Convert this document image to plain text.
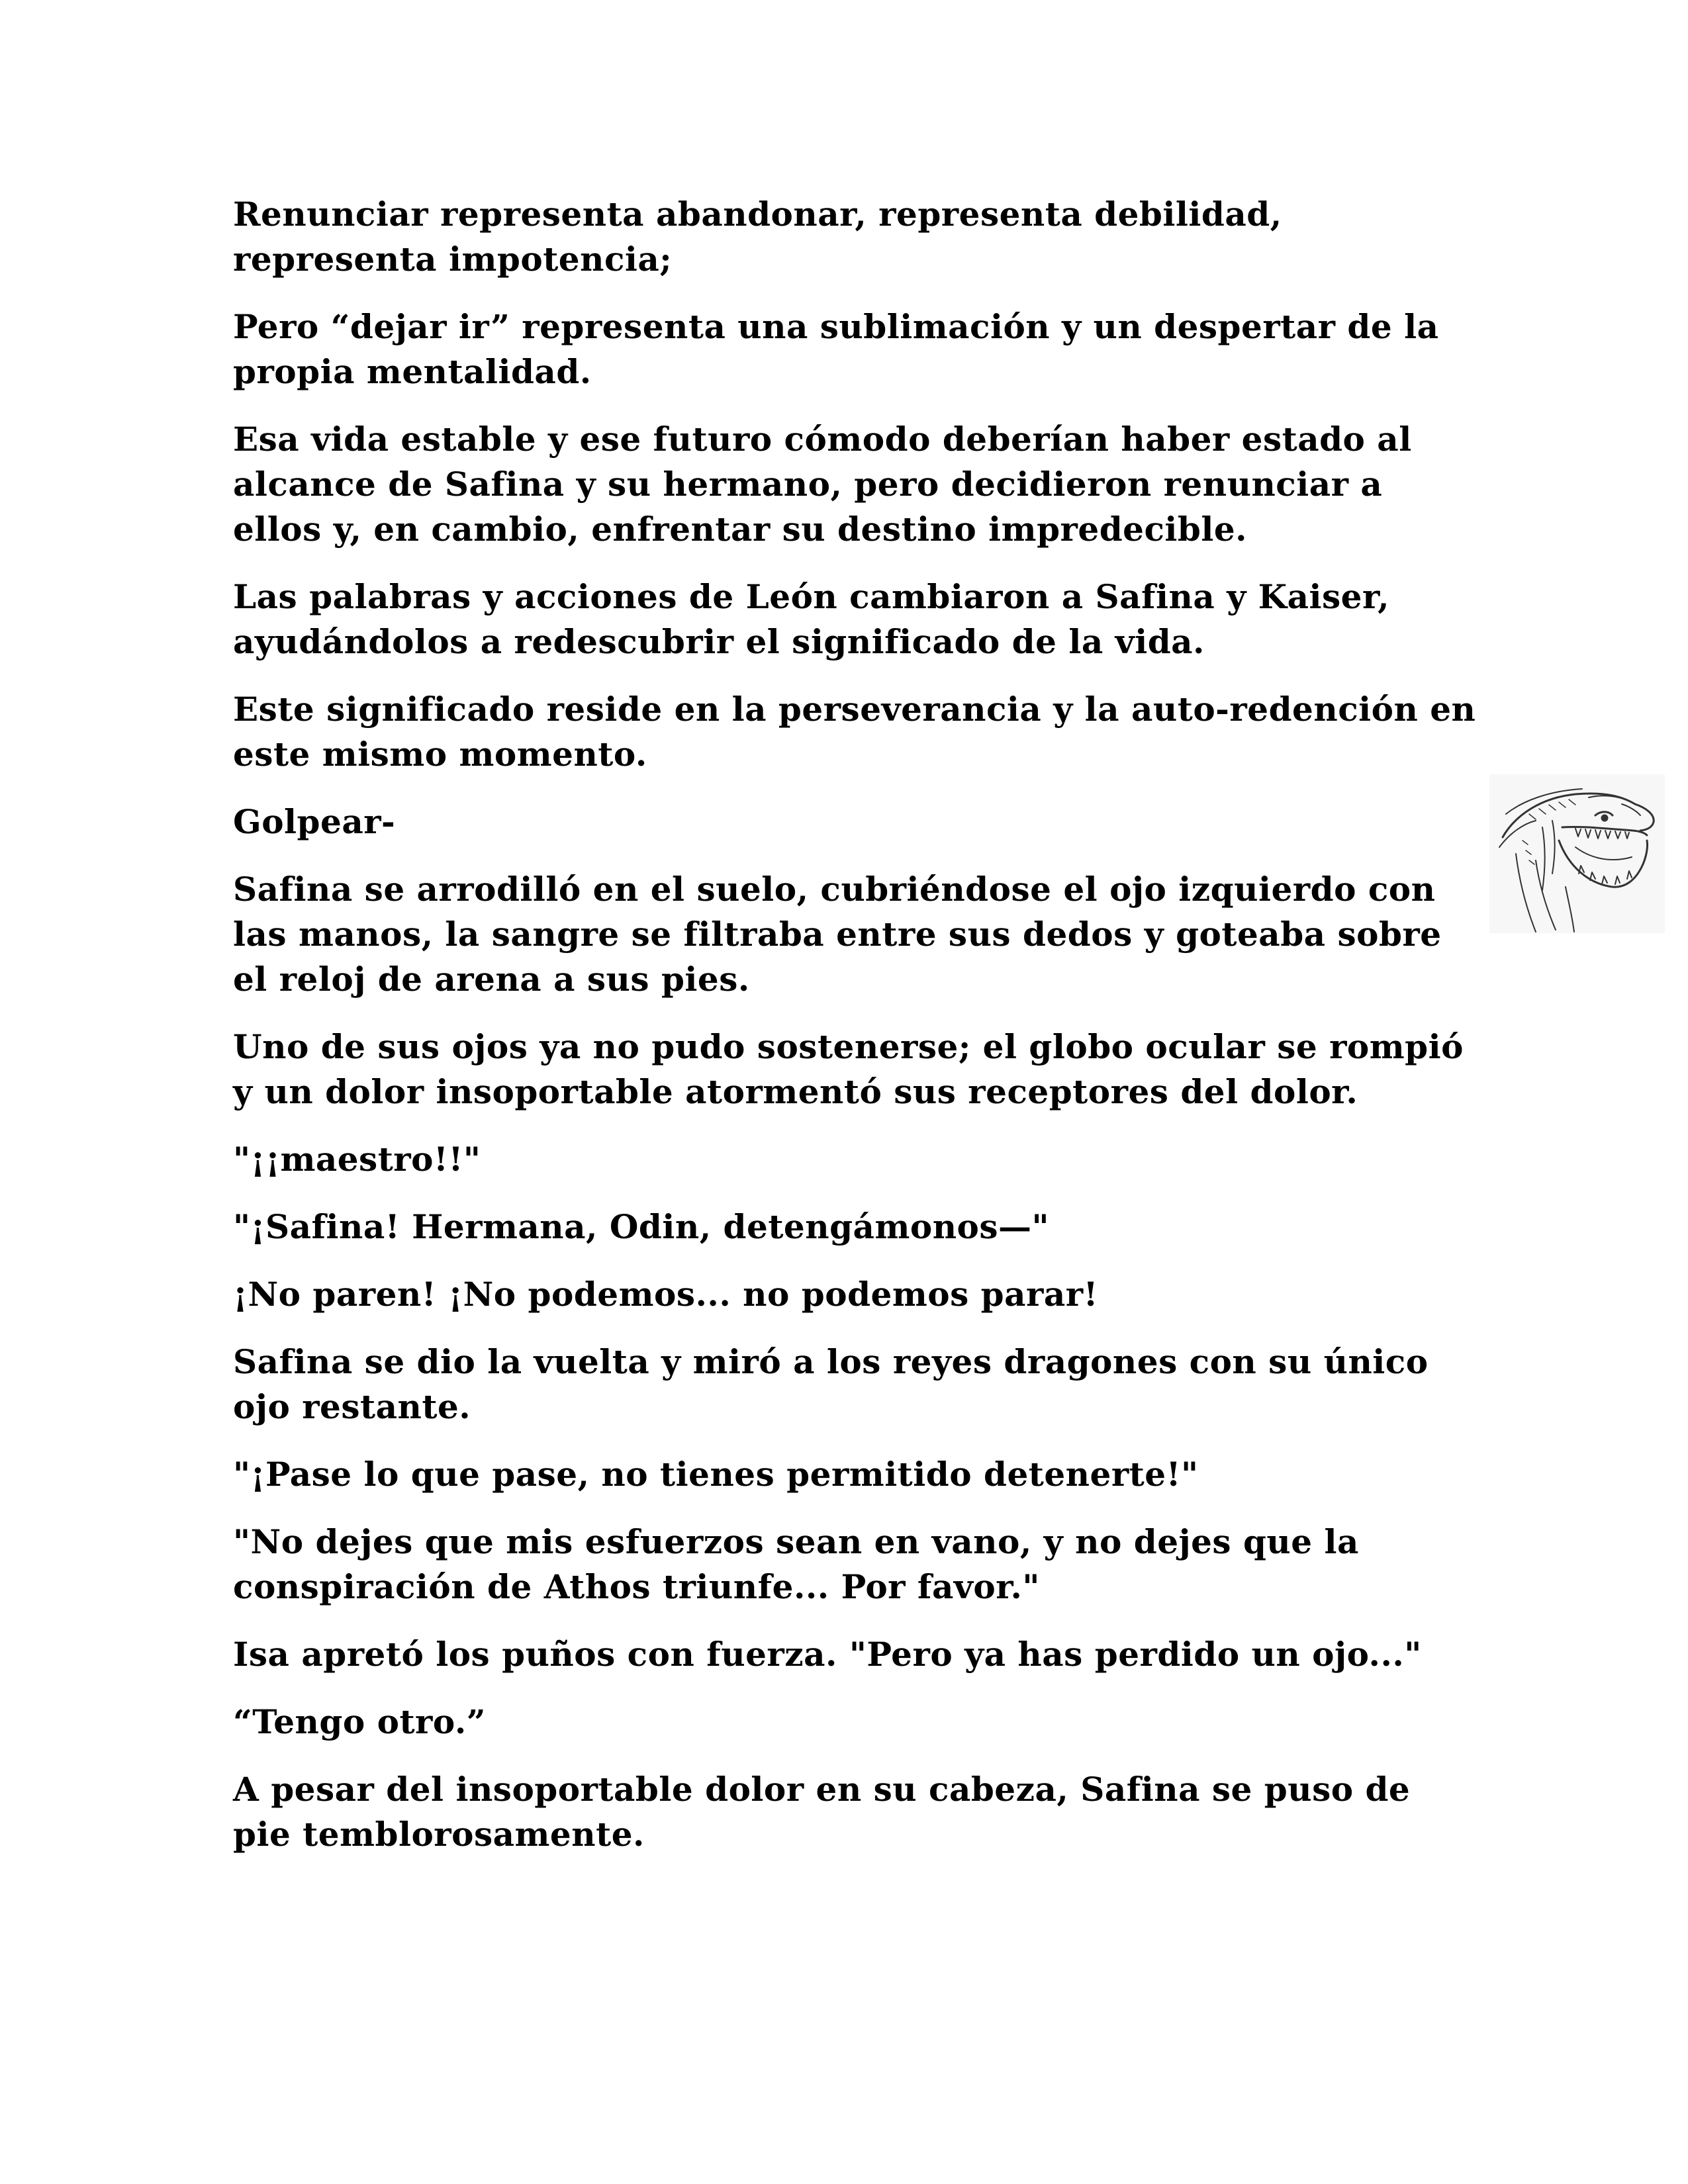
Renunciar representa abandonar, representa debilidad, representa impotencia;

Pero “dejar ir” representa una sublimación y un despertar de la propia mentalidad.

Esa vida estable y ese futuro cómodo deberían haber estado al alcance de Safina y su hermano, pero decidieron renunciar a ellos y, en cambio, enfrentar su destino impredecible.

Las palabras y acciones de León cambiaron a Safina y Kaiser, ayudándolos a redescubrir el significado de la vida.

Este significado reside en la perseverancia y la auto-redención en este mismo momento.

Golpear-

Safina se arrodilló en el suelo, cubriéndose el ojo izquierdo con las manos, la sangre se filtraba entre sus dedos y goteaba sobre el reloj de arena a sus pies.

Uno de sus ojos ya no pudo sostenerse; el globo ocular se rompió y un dolor insoportable atormentó sus receptores del dolor.

"¡¡maestro!!"

"¡Safina! Hermana, Odin, detengámonos—"

¡No paren! ¡No podemos... no podemos parar!

Safina se dio la vuelta y miró a los reyes dragones con su único ojo restante.

"¡Pase lo que pase, no tienes permitido detenerte!"

"No dejes que mis esfuerzos sean en vano, y no dejes que la conspiración de Athos triunfe... Por favor."

Isa apretó los puños con fuerza. "Pero ya has perdido un ojo..."

“Tengo otro.”

A pesar del insoportable dolor en su cabeza, Safina se puso de pie temblorosamente.
